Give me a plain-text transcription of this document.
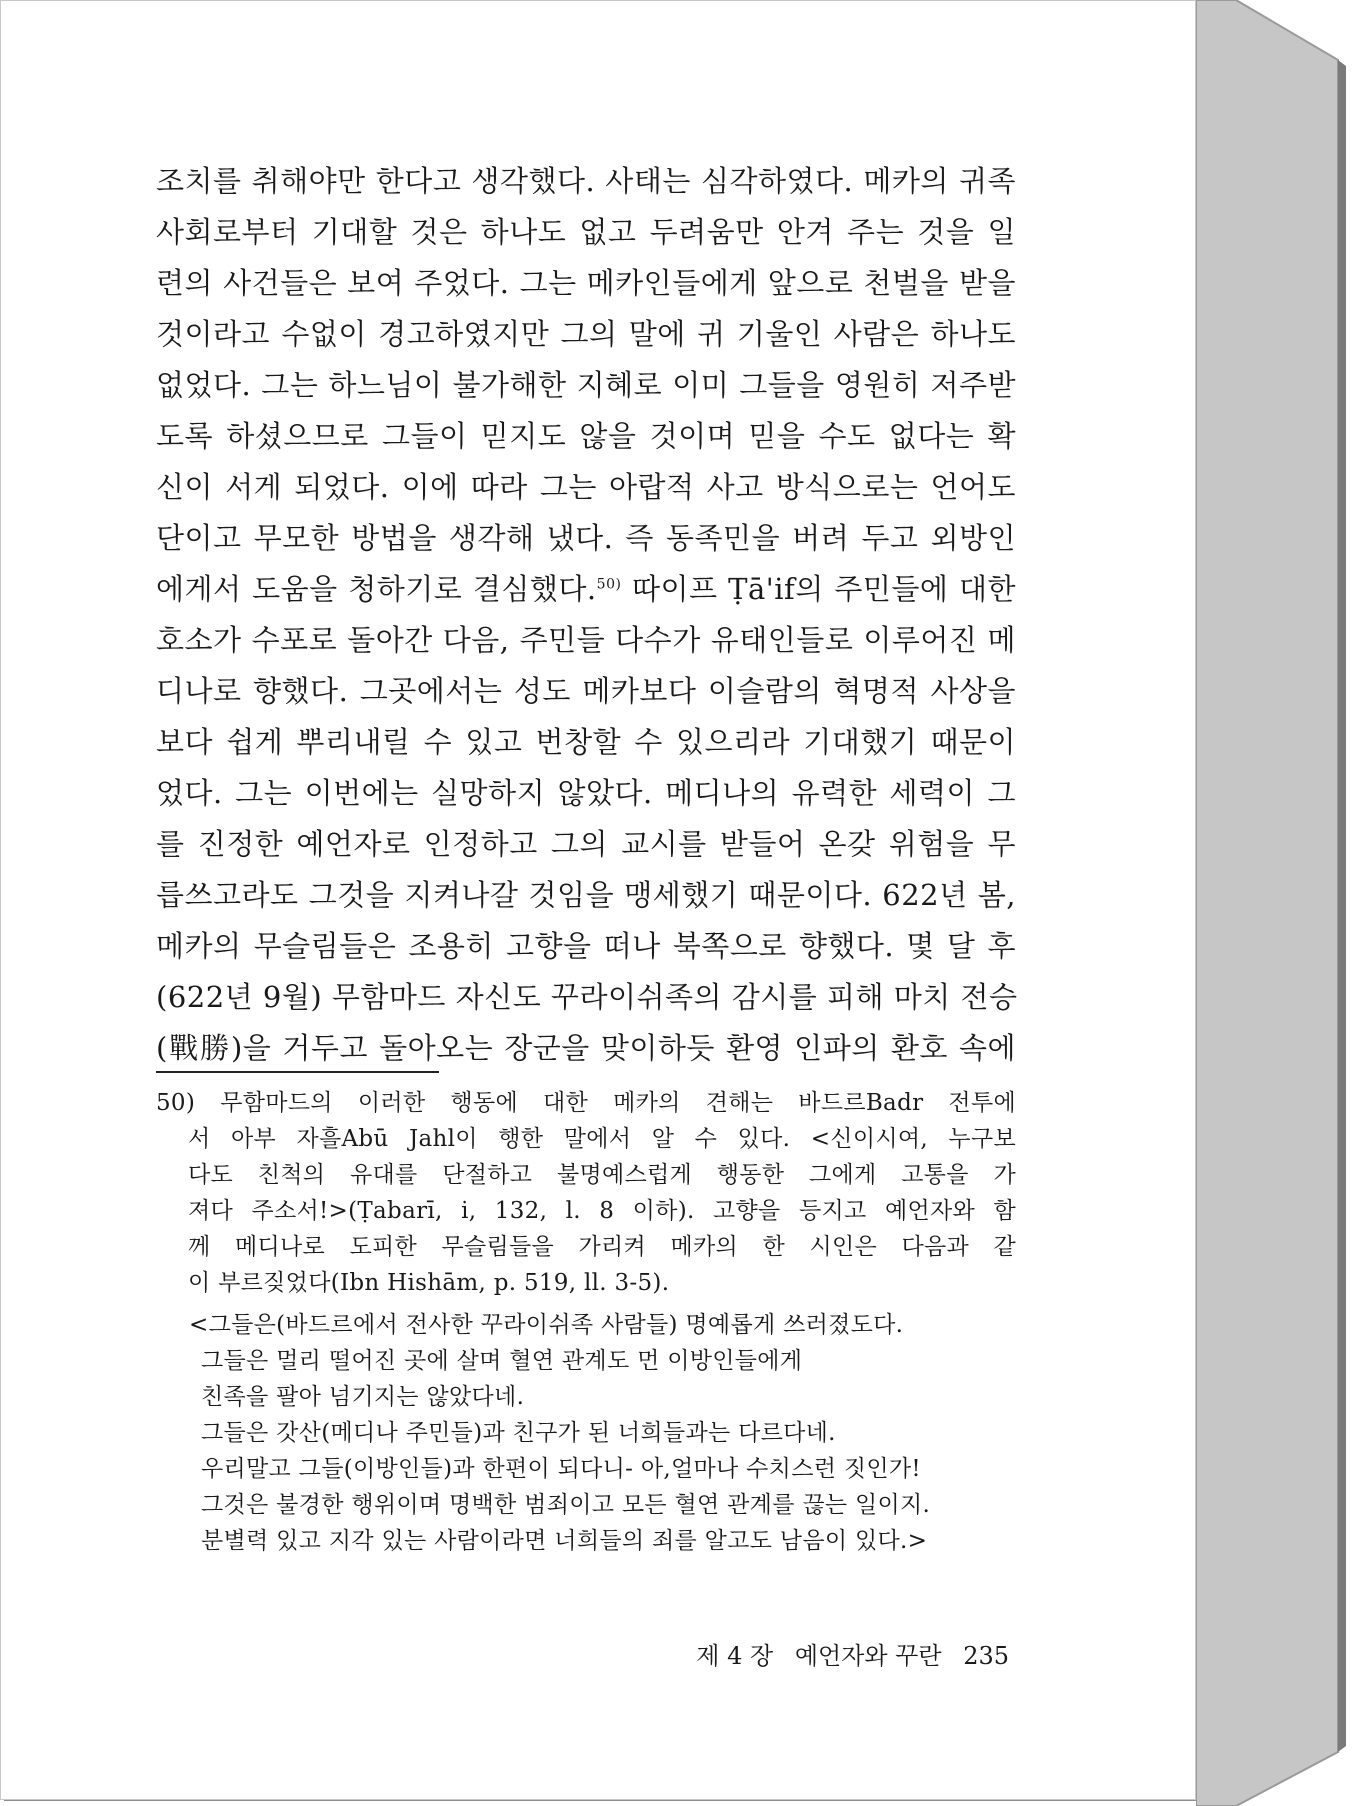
조치를 취해야만 한다고 생각했다. 사태는 심각하였다. 메카의 귀족
사회로부터 기대할 것은 하나도 없고 두려움만 안겨 주는 것을 일
련의 사건들은 보여 주었다. 그는 메카인들에게 앞으로 천벌을 받을
것이라고 수없이 경고하였지만 그의 말에 귀 기울인 사람은 하나도
없었다. 그는 하느님이 불가해한 지혜로 이미 그들을 영원히 저주받
도록 하셨으므로 그들이 믿지도 않을 것이며 믿을 수도 없다는 확
신이 서게 되었다. 이에 따라 그는 아랍적 사고 방식으로는 언어도
단이고 무모한 방법을 생각해 냈다. 즉 동족민을 버려 두고 외방인
에게서 도움을 청하기로 결심했다.$^{50)}$ 따이프 Ṭā'if의 주민들에 대한
호소가 수포로 돌아간 다음, 주민들 다수가 유태인들로 이루어진 메
디나로 향했다. 그곳에서는 성도 메카보다 이슬람의 혁명적 사상을
보다 쉽게 뿌리내릴 수 있고 번창할 수 있으리라 기대했기 때문이
었다. 그는 이번에는 실망하지 않았다. 메디나의 유력한 세력이 그
를 진정한 예언자로 인정하고 그의 교시를 받들어 온갖 위험을 무
릅쓰고라도 그것을 지켜나갈 것임을 맹세했기 때문이다. 622년 봄,
메카의 무슬림들은 조용히 고향을 떠나 북쪽으로 향했다. 몇 달 후
(622년 9월) 무함마드 자신도 꾸라이쉬족의 감시를 피해 마치 전승
(戰勝)을 거두고 돌아오는 장군을 맞이하듯 환영 인파의 환호 속에
50) 무함마드의 이러한 행동에 대한 메카의 견해는 바드르Badr 전투에
서 아부 자흘Abū Jahl이 행한 말에서 알 수 있다. <신이시여, 누구보
다도 친척의 유대를 단절하고 불명예스럽게 행동한 그에게 고통을 가
져다 주소서!>(Ṭabarī, i, 132, l. 8 이하). 고향을 등지고 예언자와 함
께 메디나로 도피한 무슬림들을 가리켜 메카의 한 시인은 다음과 같
이 부르짖었다(Ibn Hishām, p. 519, ll. 3-5).
<그들은(바드르에서 전사한 꾸라이쉬족 사람들) 명예롭게 쓰러졌도다.
그들은 멀리 떨어진 곳에 살며 혈연 관계도 먼 이방인들에게
친족을 팔아 넘기지는 않았다네.
그들은 갓산(메디나 주민들)과 친구가 된 너희들과는 다르다네.
우리말고 그들(이방인들)과 한편이 되다니- 아,얼마나 수치스런 짓인가!
그것은 불경한 행위이며 명백한 범죄이고 모든 혈연 관계를 끊는 일이지.
분별력 있고 지각 있는 사람이라면 너희들의 죄를 알고도 남음이 있다.>
제 4 장 예언자와 꾸란 235
